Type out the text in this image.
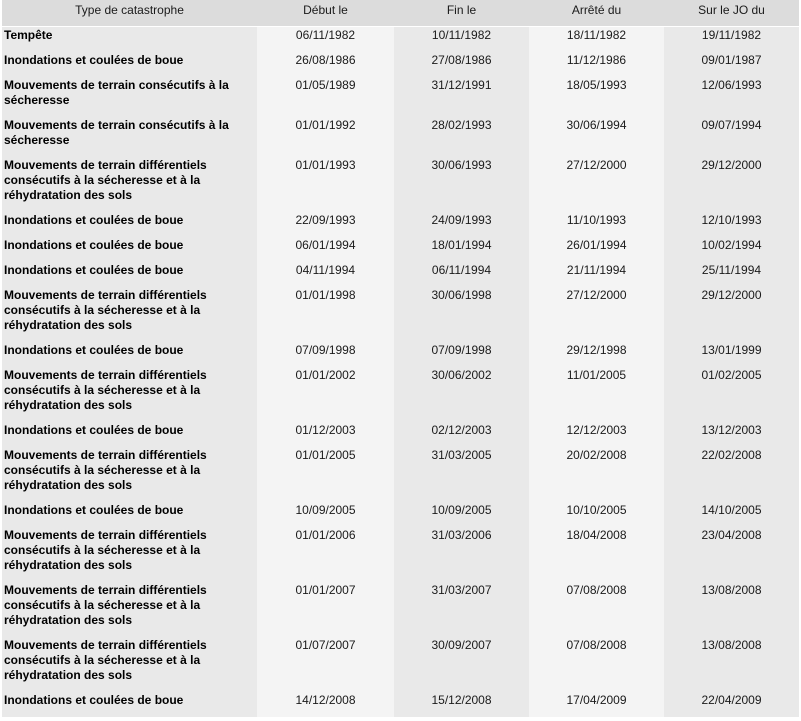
Type de catastrophe	Début le	Fin le	Arrêté du	Sur le JO du
Tempête	06/11/1982	10/11/1982	18/11/1982	19/11/1982
Inondations et coulées de boue	26/08/1986	27/08/1986	11/12/1986	09/01/1987
Mouvements de terrain consécutifs à la sécheresse	01/05/1989	31/12/1991	18/05/1993	12/06/1993
Mouvements de terrain consécutifs à la sécheresse	01/01/1992	28/02/1993	30/06/1994	09/07/1994
Mouvements de terrain différentiels consécutifs à la sécheresse et à la réhydratation des sols	01/01/1993	30/06/1993	27/12/2000	29/12/2000
Inondations et coulées de boue	22/09/1993	24/09/1993	11/10/1993	12/10/1993
Inondations et coulées de boue	06/01/1994	18/01/1994	26/01/1994	10/02/1994
Inondations et coulées de boue	04/11/1994	06/11/1994	21/11/1994	25/11/1994
Mouvements de terrain différentiels consécutifs à la sécheresse et à la réhydratation des sols	01/01/1998	30/06/1998	27/12/2000	29/12/2000
Inondations et coulées de boue	07/09/1998	07/09/1998	29/12/1998	13/01/1999
Mouvements de terrain différentiels consécutifs à la sécheresse et à la réhydratation des sols	01/01/2002	30/06/2002	11/01/2005	01/02/2005
Inondations et coulées de boue	01/12/2003	02/12/2003	12/12/2003	13/12/2003
Mouvements de terrain différentiels consécutifs à la sécheresse et à la réhydratation des sols	01/01/2005	31/03/2005	20/02/2008	22/02/2008
Inondations et coulées de boue	10/09/2005	10/09/2005	10/10/2005	14/10/2005
Mouvements de terrain différentiels consécutifs à la sécheresse et à la réhydratation des sols	01/01/2006	31/03/2006	18/04/2008	23/04/2008
Mouvements de terrain différentiels consécutifs à la sécheresse et à la réhydratation des sols	01/01/2007	31/03/2007	07/08/2008	13/08/2008
Mouvements de terrain différentiels consécutifs à la sécheresse et à la réhydratation des sols	01/07/2007	30/09/2007	07/08/2008	13/08/2008
Inondations et coulées de boue	14/12/2008	15/12/2008	17/04/2009	22/04/2009
